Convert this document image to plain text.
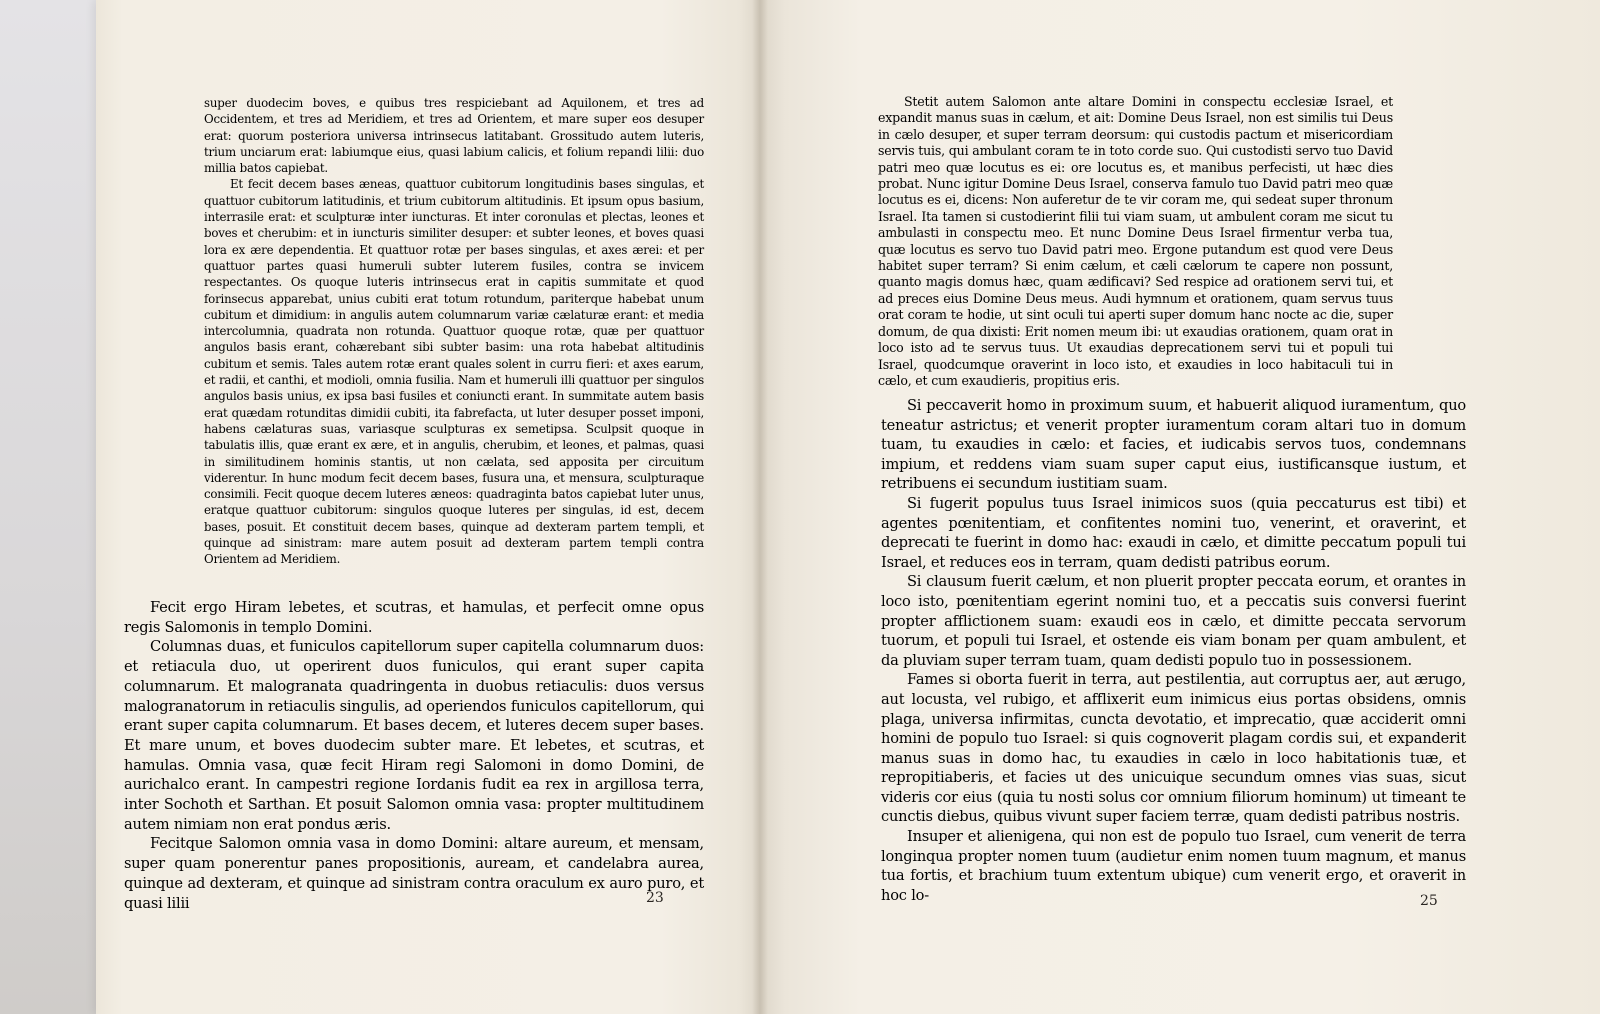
super duodecim boves, e quibus tres respiciebant ad Aquilonem, et tres ad Occidentem, et tres ad Meridiem, et tres ad Orientem, et mare super eos desuper erat: quorum posteriora universa intrinsecus latitabant. Grossitudo autem luteris, trium unciarum erat: labiumque eius, quasi labium calicis, et folium repandi lilii: duo millia batos capiebat.

Et fecit decem bases æneas, quattuor cubitorum longitudinis bases singulas, et quattuor cubitorum latitudinis, et trium cubitorum altitudinis. Et ipsum opus basium, interrasile erat: et sculpturæ inter iuncturas. Et inter coronulas et plectas, leones et boves et cherubim: et in iuncturis similiter desuper: et subter leones, et boves quasi lora ex ære dependentia. Et quattuor rotæ per bases singulas, et axes ærei: et per quattuor partes quasi humeruli subter luterem fusiles, contra se invicem respectantes. Os quoque luteris intrinsecus erat in capitis summitate et quod forinsecus apparebat, unius cubiti erat totum rotundum, pariterque habebat unum cubitum et dimidium: in angulis autem columnarum variæ cælaturæ erant: et media intercolumnia, quadrata non rotunda. Quattuor quoque rotæ, quæ per quattuor angulos basis erant, cohærebant sibi subter basim: una rota habebat altitudinis cubitum et semis. Tales autem rotæ erant quales solent in curru fieri: et axes earum, et radii, et canthi, et modioli, omnia fusilia. Nam et humeruli illi quattuor per singulos angulos basis unius, ex ipsa basi fusiles et coniuncti erant. In summitate autem basis erat quædam rotunditas dimidii cubiti, ita fabrefacta, ut luter desuper posset imponi, habens cælaturas suas, variasque sculpturas ex semetipsa. Sculpsit quoque in tabulatis illis, quæ erant ex ære, et in angulis, cherubim, et leones, et palmas, quasi in similitudinem hominis stantis, ut non cælata, sed apposita per circuitum viderentur. In hunc modum fecit decem bases, fusura una, et mensura, sculpturaque consimili. Fecit quoque decem luteres æneos: quadraginta batos capiebat luter unus, eratque quattuor cubitorum: singulos quoque luteres per singulas, id est, decem bases, posuit. Et constituit decem bases, quinque ad dexteram partem templi, et quinque ad sinistram: mare autem posuit ad dexteram partem templi contra Orientem ad Meridiem.

Fecit ergo Hiram lebetes, et scutras, et hamulas, et perfecit omne opus regis Salomonis in templo Domini.

Columnas duas, et funiculos capitellorum super capitella columnarum duos: et retiacula duo, ut operirent duos funiculos, qui erant super capita columnarum. Et malogranata quadringenta in duobus retiaculis: duos versus malogranatorum in retiaculis singulis, ad operiendos funiculos capitellorum, qui erant super capita columnarum. Et bases decem, et luteres decem super bases. Et mare unum, et boves duodecim subter mare. Et lebetes, et scutras, et hamulas. Omnia vasa, quæ fecit Hiram regi Salomoni in domo Domini, de aurichalco erant. In campestri regione Iordanis fudit ea rex in argillosa terra, inter Sochoth et Sarthan. Et posuit Salomon omnia vasa: propter multitudinem autem nimiam non erat pondus æris.

Fecitque Salomon omnia vasa in domo Domini: altare aureum, et mensam, super quam ponerentur panes propositionis, auream, et candelabra aurea, quinque ad dexteram, et quinque ad sinistram contra oraculum ex auro puro, et quasi lilii	23

Stetit autem Salomon ante altare Domini in conspectu ecclesiæ Israel, et expandit manus suas in cælum, et ait: Domine Deus Israel, non est similis tui Deus in cælo desuper, et super terram deorsum: qui custodis pactum et misericordiam servis tuis, qui ambulant coram te in toto corde suo. Qui custodisti servo tuo David patri meo quæ locutus es ei: ore locutus es, et manibus perfecisti, ut hæc dies probat. Nunc igitur Domine Deus Israel, conserva famulo tuo David patri meo quæ locutus es ei, dicens: Non auferetur de te vir coram me, qui sedeat super thronum Israel. Ita tamen si custodierint filii tui viam suam, ut ambulent coram me sicut tu ambulasti in conspectu meo. Et nunc Domine Deus Israel firmentur verba tua, quæ locutus es servo tuo David patri meo. Ergone putandum est quod vere Deus habitet super terram? Si enim cælum, et cæli cælorum te capere non possunt, quanto magis domus hæc, quam ædificavi? Sed respice ad orationem servi tui, et ad preces eius Domine Deus meus. Audi hymnum et orationem, quam servus tuus orat coram te hodie, ut sint oculi tui aperti super domum hanc nocte ac die, super domum, de qua dixisti: Erit nomen meum ibi: ut exaudias orationem, quam orat in loco isto ad te servus tuus. Ut exaudias deprecationem servi tui et populi tui Israel, quodcumque oraverint in loco isto, et exaudies in loco habitaculi tui in cælo, et cum exaudieris, propitius eris.

Si peccaverit homo in proximum suum, et habuerit aliquod iuramentum, quo teneatur astrictus; et venerit propter iuramentum coram altari tuo in domum tuam, tu exaudies in cælo: et facies, et iudicabis servos tuos, condemnans impium, et reddens viam suam super caput eius, iustificansque iustum, et retribuens ei secundum iustitiam suam.

Si fugerit populus tuus Israel inimicos suos (quia peccaturus est tibi) et agentes pœnitentiam, et confitentes nomini tuo, venerint, et oraverint, et deprecati te fuerint in domo hac: exaudi in cælo, et dimitte peccatum populi tui Israel, et reduces eos in terram, quam dedisti patribus eorum.

Si clausum fuerit cælum, et non pluerit propter peccata eorum, et orantes in loco isto, pœnitentiam egerint nomini tuo, et a peccatis suis conversi fuerint propter afflictionem suam: exaudi eos in cælo, et dimitte peccata servorum tuorum, et populi tui Israel, et ostende eis viam bonam per quam ambulent, et da pluviam super terram tuam, quam dedisti populo tuo in possessionem.

Fames si oborta fuerit in terra, aut pestilentia, aut corruptus aer, aut ærugo, aut locusta, vel rubigo, et afflixerit eum inimicus eius portas obsidens, omnis plaga, universa infirmitas, cuncta devotatio, et imprecatio, quæ acciderit omni homini de populo tuo Israel: si quis cognoverit plagam cordis sui, et expanderit manus suas in domo hac, tu exaudies in cælo in loco habitationis tuæ, et repropitiaberis, et facies ut des unicuique secundum omnes vias suas, sicut videris cor eius (quia tu nosti solus cor omnium filiorum hominum) ut timeant te cunctis diebus, quibus vivunt super faciem terræ, quam dedisti patribus nostris.

Insuper et alienigena, qui non est de populo tuo Israel, cum venerit de terra longinqua propter nomen tuum (audietur enim nomen tuum magnum, et manus tua fortis, et brachium tuum extentum ubique) cum venerit ergo, et oraverit in hoc lo-	25
